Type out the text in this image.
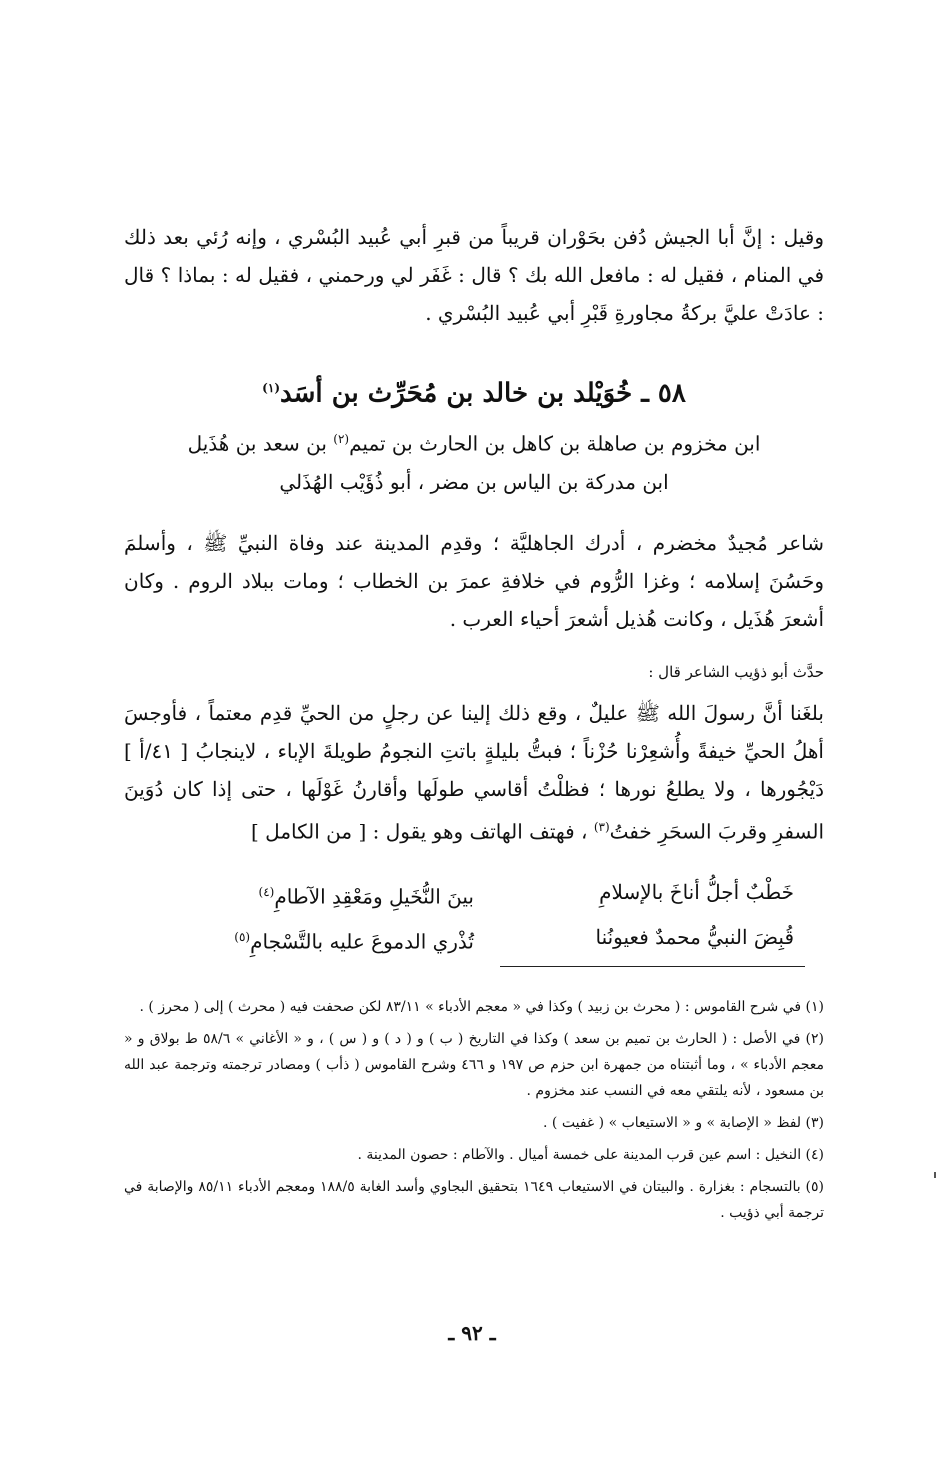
وقيل : إنَّ أبا الجيش دُفن بحَوْران قريباً من قبرِ أبي عُبيد البُسْري ، وإنه رُئي بعد ذلك في المنام ، فقيل له : مافعل الله بك ؟ قال : غَفَر لي ورحمني ، فقيل له : بماذا ؟ قال : عادَتْ عليَّ بركةُ مجاورةِ قَبْرِ أبي عُبيد البُسْري .

٥٨ ـ خُوَيْلد بن خالد بن مُحَرِّث بن أسَد$^{(١)}$
ابن مخزوم بن صاهلة بن كاهل بن الحارث بن تميم$^{(٢)}$ بن سعد بن هُذَيل
ابن مدركة بن الياس بن مضر ، أبو ذُؤَيْب الهُذَلي

شاعر مُجيدٌ مخضرم ، أدرك الجاهليَّة ؛ وقدِم المدينة عند وفاة النبيِّ ﷺ ، وأسلمَ وحَسُنَ إسلامه ؛ وغزا الرُّوم في خلافةِ عمرَ بن الخطاب ؛ ومات ببلاد الروم . وكان أشعرَ هُذَيل ، وكانت هُذيل أشعرَ أحياء العرب .

حدَّث أبو ذؤيب الشاعر قال :

بلغَنا أنَّ رسولَ الله ﷺ عليلٌ ، وقع ذلك إلينا عن رجلٍ من الحيِّ قدِم معتماً ، فأوجسَ أهلُ الحيِّ خيفةً وأُشعِرْنا حُزْناً ؛ فبتُّ بليلةٍ باتتِ النجومُ طويلةَ الإباء ، لاينجابُ [ ٤١/أ ] دَيْجُورها ، ولا يطلعُ نورها ؛ فظلْتُ أقاسي طولَها وأقارنُ غَوْلَها ، حتى إذا كان دُوَينَ السفرِ وقربَ السحَرِ خفتُ$^{(٣)}$ ، فهتف الهاتف وهو يقول : [ من الكامل ]

خَطْبٌ أجلُّ أناخَ بالإسلامِ
بينَ النُّخَيلِ ومَعْقِدِ الآطامِ$^{(٤)}$
قُبِضَ النبيُّ محمدٌ فعيونُنا
تُذْري الدموعَ عليه بالتَّسْجامِ$^{(٥)}$

(١) في شرح القاموس : ( محرث بن زبيد ) وكذا في « معجم الأدباء » ٨٣/١١ لكن صحفت فيه ( محرث ) إلى ( محرز ) .

(٢) في الأصل : ( الحارث بن تميم بن سعد ) وكذا في التاريخ ( ب ) و ( د ) و ( س ) ، و « الأغاني » ٥٨/٦ ط بولاق و « معجم الأدباء » ، وما أثبتناه من جمهرة ابن حزم ص ١٩٧ و ٤٦٦ وشرح القاموس ( ذأب ) ومصادر ترجمته وترجمة عبد الله بن مسعود ، لأنه يلتقي معه في النسب عند مخزوم .

(٣) لفظ « الإصابة » و « الاستيعاب » ( غفيت ) .

(٤) النخيل : اسم عين قرب المدينة على خمسة أميال . والآطام : حصون المدينة .

(٥) بالتسجام : بغزارة . والبيتان في الاستيعاب ١٦٤٩ بتحقيق البجاوي وأسد الغابة ١٨٨/٥ ومعجم الأدباء ٨٥/١١ والإصابة في ترجمة أبي ذؤيب .

ـ ٩٢ ـ
